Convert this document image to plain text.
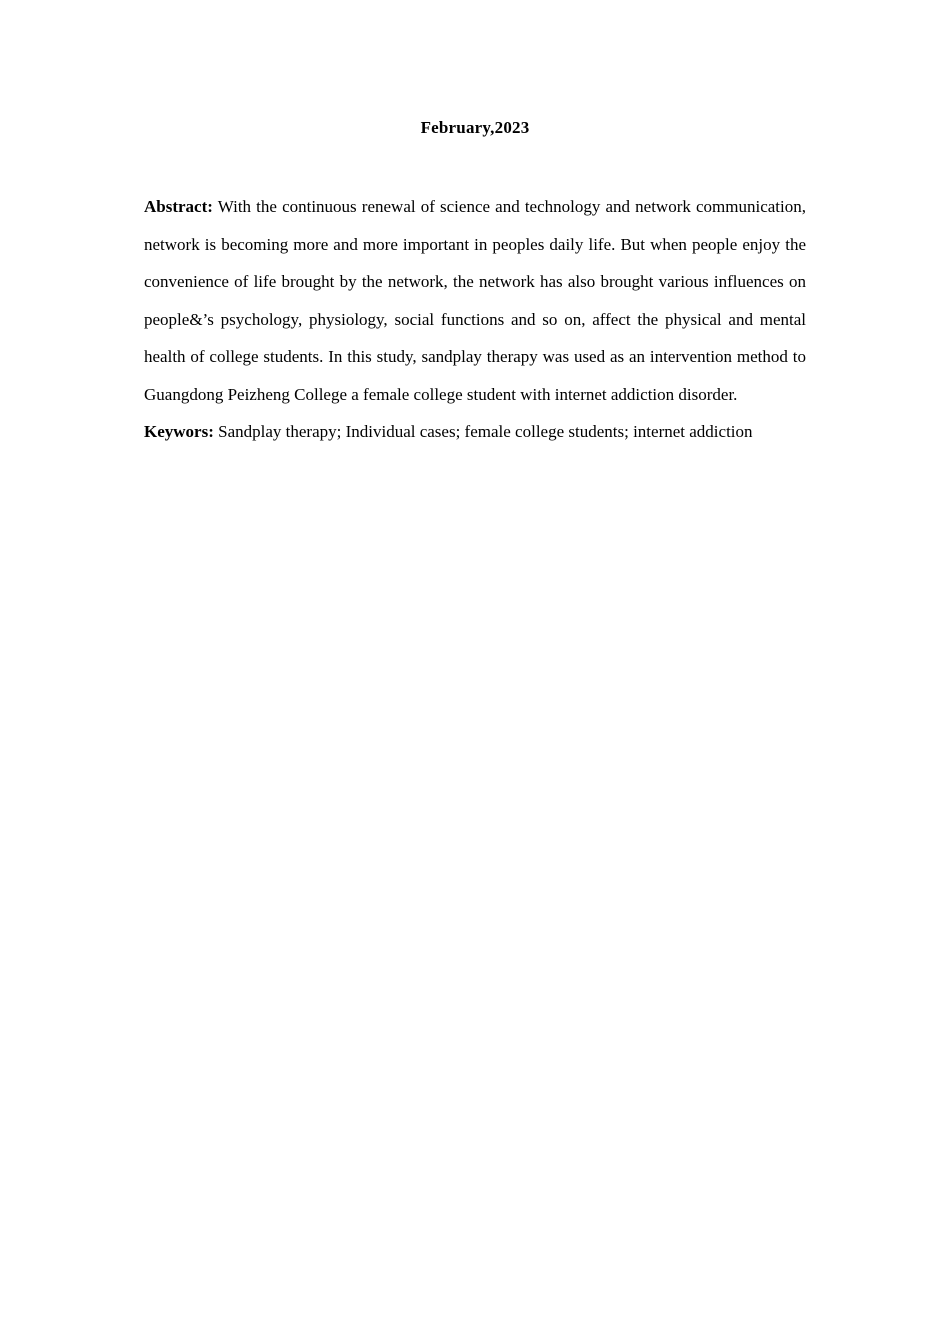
February,2023

Abstract: With the continuous renewal of science and technology and network communication, network is becoming more and more important in peoples daily life. But when people enjoy the convenience of life brought by the network, the network has also brought various influences on people&’s psychology, physiology, social functions and so on, affect the physical and mental health of college students. In this study, sandplay therapy was used as an intervention method to Guangdong Peizheng College a female college student with internet addiction disorder.

Keywors: Sandplay therapy; Individual cases; female college students; internet addiction
